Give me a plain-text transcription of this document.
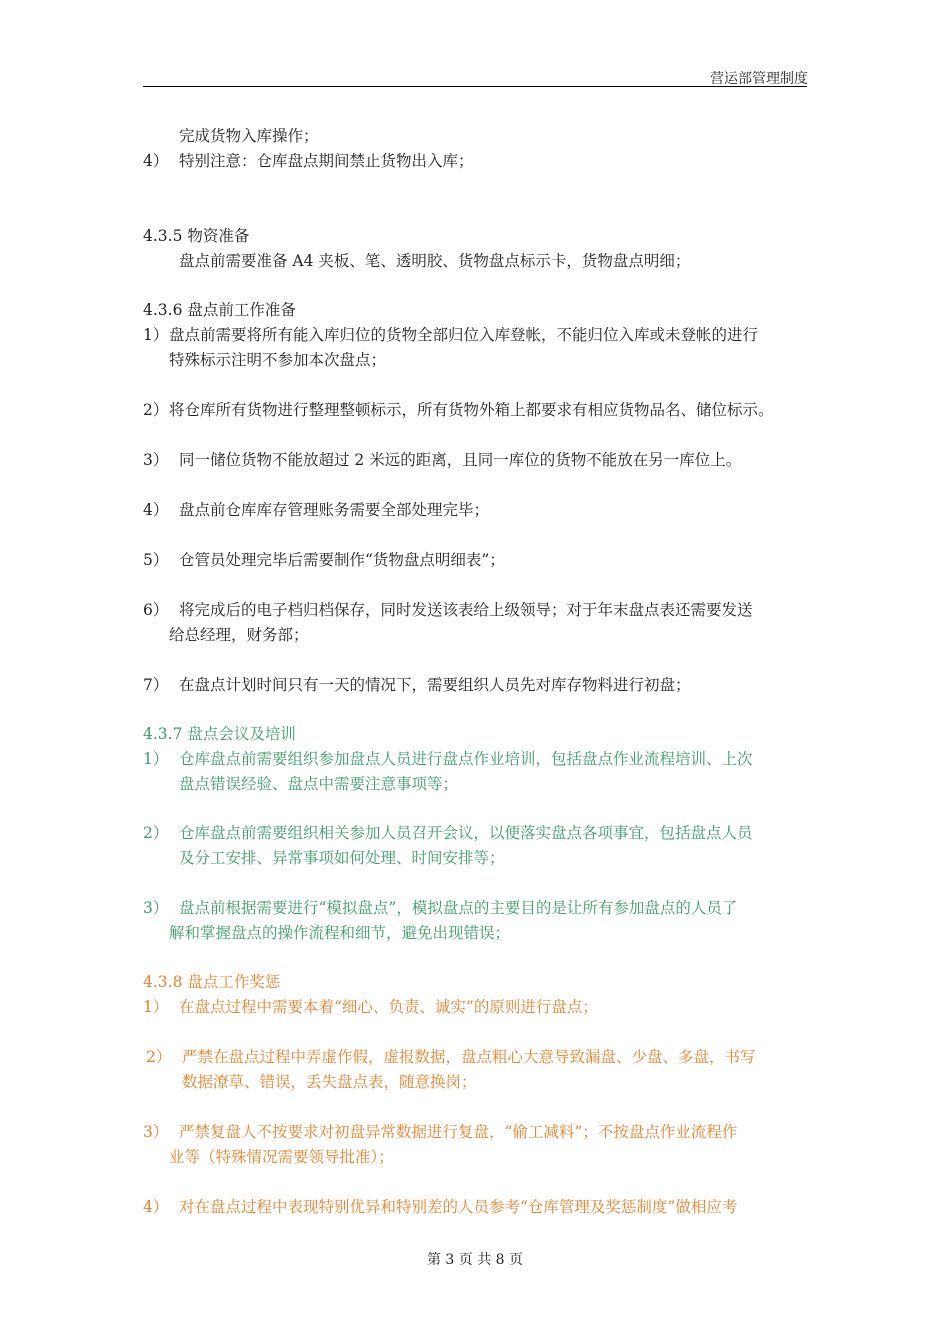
营运部管理制度
完成货物入库操作；
4） 特别注意：仓库盘点期间禁止货物出入库；
4.3.5 物资准备
盘点前需要准备 A4 夹板、笔、透明胶、货物盘点标示卡，货物盘点明细；
4.3.6 盘点前工作准备
1） 盘点前需要将所有能入库归位的货物全部归位入库登帐，不能归位入库或未登帐的进行
特殊标示注明不参加本次盘点；
2） 将仓库所有货物进行整理整顿标示，所有货物外箱上都要求有相应货物品名、储位标示。
3） 同一储位货物不能放超过 2 米远的距离，且同一库位的货物不能放在另一库位上。
4） 盘点前仓库库存管理账务需要全部处理完毕；
5） 仓管员处理完毕后需要制作“货物盘点明细表”；
6） 将完成后的电子档归档保存，同时发送该表给上级领导；对于年末盘点表还需要发送
给总经理，财务部；
7） 在盘点计划时间只有一天的情况下，需要组织人员先对库存物料进行初盘；
4.3.7 盘点会议及培训
1） 仓库盘点前需要组织参加盘点人员进行盘点作业培训，包括盘点作业流程培训、上次
盘点错误经验、盘点中需要注意事项等；
2） 仓库盘点前需要组织相关参加人员召开会议，以便落实盘点各项事宜，包括盘点人员
及分工安排、异常事项如何处理、时间安排等；
3） 盘点前根据需要进行“模拟盘点”，模拟盘点的主要目的是让所有参加盘点的人员了
解和掌握盘点的操作流程和细节，避免出现错误；
4.3.8 盘点工作奖惩
1） 在盘点过程中需要本着“细心、负责、诚实”的原则进行盘点；
2） 严禁在盘点过程中弄虚作假，虚报数据，盘点粗心大意导致漏盘、少盘、多盘，书写
数据潦草、错误，丢失盘点表，随意换岗；
3） 严禁复盘人不按要求对初盘异常数据进行复盘，“偷工减料”；不按盘点作业流程作
业等（特殊情况需要领导批准）；
4） 对在盘点过程中表现特别优异和特别差的人员参考“仓库管理及奖惩制度”做相应考
第 3 页 共 8 页
